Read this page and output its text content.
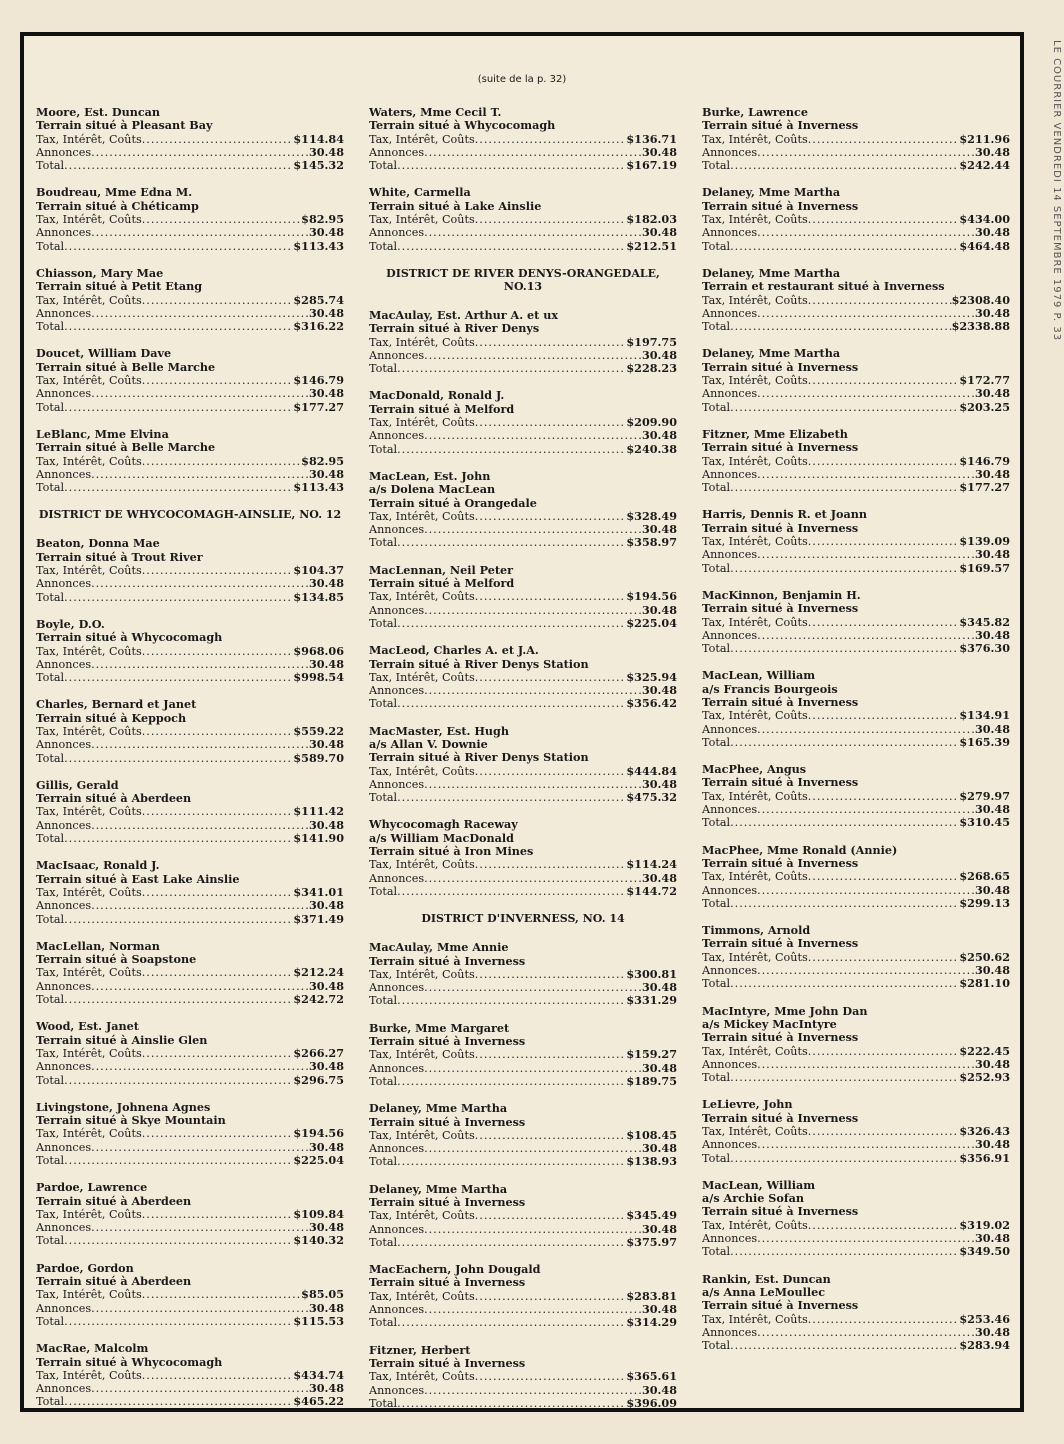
(suite de la p. 32)
Moore, Est. Duncan
Terrain situé à Pleasant Bay
Tax, Intérêt, Coûts .....	$114.84
Annonces .....	30.48
Total .....	$145.32
Boudreau, Mme Edna M.
Terrain situé à Chéticamp
Tax, Intérêt, Coûts .....	$82.95
Annonces .....	30.48
Total .....	$113.43
Chiasson, Mary Mae
Terrain situé à Petit Etang
Tax, Intérêt, Coûts .....	$285.74
Annonces .....	30.48
Total .....	$316.22
Doucet, William Dave
Terrain situé à Belle Marche
Tax, Intérêt, Coûts .....	$146.79
Annonces .....	30.48
Total .....	$177.27
LeBlanc, Mme Elvina
Terrain situé à Belle Marche
Tax, Intérêt, Coûts .....	$82.95
Annonces .....	30.48
Total .....	$113.43
DISTRICT DE WHYCOCOMAGH-AINSLIE, NO. 12
Beaton, Donna Mae
Terrain situé à Trout River
Tax, Intérêt, Coûts .....	$104.37
Annonces .....	30.48
Total .....	$134.85
Boyle, D.O.
Terrain situé à Whycocomagh
Tax, Intérêt, Coûts .....	$968.06
Annonces .....	30.48
Total .....	$998.54
Charles, Bernard et Janet
Terrain situé à Keppoch
Tax, Intérêt, Coûts .....	$559.22
Annonces .....	30.48
Total .....	$589.70
Gillis, Gerald
Terrain situé à Aberdeen
Tax, Intérêt, Coûts .....	$111.42
Annonces .....	30.48
Total .....	$141.90
MacIsaac, Ronald J.
Terrain situé à East Lake Ainslie
Tax, Intérêt, Coûts .....	$341.01
Annonces .....	30.48
Total .....	$371.49
MacLellan, Norman
Terrain situé à Soapstone
Tax, Intérêt, Coûts .....	$212.24
Annonces .....	30.48
Total .....	$242.72
Wood, Est. Janet
Terrain situé à Ainslie Glen
Tax, Intérêt, Coûts .....	$266.27
Annonces .....	30.48
Total .....	$296.75
Livingstone, Johnena Agnes
Terrain situé à Skye Mountain
Tax, Intérêt, Coûts .....	$194.56
Annonces .....	30.48
Total .....	$225.04
Pardoe, Lawrence
Terrain situé à Aberdeen
Tax, Intérêt, Coûts .....	$109.84
Annonces .....	30.48
Total .....	$140.32
Pardoe, Gordon
Terrain situé à Aberdeen
Tax, Intérêt, Coûts .....	$85.05
Annonces .....	30.48
Total .....	$115.53
MacRae, Malcolm
Terrain situé à Whycocomagh
Tax, Intérêt, Coûts .....	$434.74
Annonces .....	30.48
Total .....	$465.22
Waters, Mme Cecil T.
Terrain situé à Whycocomagh
Tax, Intérêt, Coûts .....	$136.71
Annonces .....	30.48
Total .....	$167.19
White, Carmella
Terrain situé à Lake Ainslie
Tax, Intérêt, Coûts .....	$182.03
Annonces .....	30.48
Total .....	$212.51
DISTRICT DE RIVER DENYS-ORANGEDALE, NO.13
MacAulay, Est. Arthur A. et ux
Terrain situé à River Denys
Tax, Intérêt, Coûts .....	$197.75
Annonces .....	30.48
Total .....	$228.23
MacDonald, Ronald J.
Terrain situé à Melford
Tax, Intérêt, Coûts .....	$209.90
Annonces .....	30.48
Total .....	$240.38
MacLean, Est. John
a/s Dolena MacLean
Terrain situé à Orangedale
Tax, Intérêt, Coûts .....	$328.49
Annonces .....	30.48
Total .....	$358.97
MacLennan, Neil Peter
Terrain situé à Melford
Tax, Intérêt, Coûts .....	$194.56
Annonces .....	30.48
Total .....	$225.04
MacLeod, Charles A. et J.A.
Terrain situé à River Denys Station
Tax, Intérêt, Coûts .....	$325.94
Annonces .....	30.48
Total .....	$356.42
MacMaster, Est. Hugh
a/s Allan V. Downie
Terrain situé à River Denys Station
Tax, Intérêt, Coûts .....	$444.84
Annonces .....	30.48
Total .....	$475.32
Whycocomagh Raceway
a/s William MacDonald
Terrain situé à Iron Mines
Tax, Intérêt, Coûts .....	$114.24
Annonces .....	30.48
Total .....	$144.72
DISTRICT D'INVERNESS, NO. 14
MacAulay, Mme Annie
Terrain situé à Inverness
Tax, Intérêt, Coûts .....	$300.81
Annonces .....	30.48
Total .....	$331.29
Burke, Mme Margaret
Terrain situé à Inverness
Tax, Intérêt, Coûts .....	$159.27
Annonces .....	30.48
Total .....	$189.75
Delaney, Mme Martha
Terrain situé à Inverness
Tax, Intérêt, Coûts .....	$108.45
Annonces .....	30.48
Total .....	$138.93
Delaney, Mme Martha
Terrain situé à Inverness
Tax, Intérêt, Coûts .....	$345.49
Annonces .....	30.48
Total .....	$375.97
MacEachern, John Dougald
Terrain situé à Inverness
Tax, Intérêt, Coûts .....	$283.81
Annonces .....	30.48
Total .....	$314.29
Fitzner, Herbert
Terrain situé à Inverness
Tax, Intérêt, Coûts .....	$365.61
Annonces .....	30.48
Total .....	$396.09
Burke, Lawrence
Terrain situé à Inverness
Tax, Intérêt, Coûts .....	$211.96
Annonces .....	30.48
Total .....	$242.44
Delaney, Mme Martha
Terrain situé à Inverness
Tax, Intérêt, Coûts .....	$434.00
Annonces .....	30.48
Total .....	$464.48
Delaney, Mme Martha
Terrain et restaurant situé à Inverness
Tax, Intérêt, Coûts .....	$2308.40
Annonces .....	30.48
Total .....	$2338.88
Delaney, Mme Martha
Terrain situé à Inverness
Tax, Intérêt, Coûts .....	$172.77
Annonces .....	30.48
Total .....	$203.25
Fitzner, Mme Elizabeth
Terrain situé à Inverness
Tax, Intérêt, Coûts .....	$146.79
Annonces .....	30.48
Total .....	$177.27
Harris, Dennis R. et Joann
Terrain situé à Inverness
Tax, Intérêt, Coûts .....	$139.09
Annonces .....	30.48
Total .....	$169.57
MacKinnon, Benjamin H.
Terrain situé à Inverness
Tax, Intérêt, Coûts .....	$345.82
Annonces .....	30.48
Total .....	$376.30
MacLean, William
a/s Francis Bourgeois
Terrain situé à Inverness
Tax, Intérêt, Coûts .....	$134.91
Annonces .....	30.48
Total .....	$165.39
MacPhee, Angus
Terrain situé à Inverness
Tax, Intérêt, Coûts .....	$279.97
Annonces .....	30.48
Total .....	$310.45
MacPhee, Mme Ronald (Annie)
Terrain situé à Inverness
Tax, Intérêt, Coûts .....	$268.65
Annonces .....	30.48
Total .....	$299.13
Timmons, Arnold
Terrain situé à Inverness
Tax, Intérêt, Coûts .....	$250.62
Annonces .....	30.48
Total .....	$281.10
MacIntyre, Mme John Dan
a/s Mickey MacIntyre
Terrain situé à Inverness
Tax, Intérêt, Coûts .....	$222.45
Annonces .....	30.48
Total .....	$252.93
LeLievre, John
Terrain situé à Inverness
Tax, Intérêt, Coûts .....	$326.43
Annonces .....	30.48
Total .....	$356.91
MacLean, William
a/s Archie Sofan
Terrain situé à Inverness
Tax, Intérêt, Coûts .....	$319.02
Annonces .....	30.48
Total .....	$349.50
Rankin, Est. Duncan
a/s Anna LeMoullec
Terrain situé à Inverness
Tax, Intérêt, Coûts .....	$253.46
Annonces .....	30.48
Total .....	$283.94
LE COURRIER VENDREDI 14 SEPTEMBRE 1979 P. 33
